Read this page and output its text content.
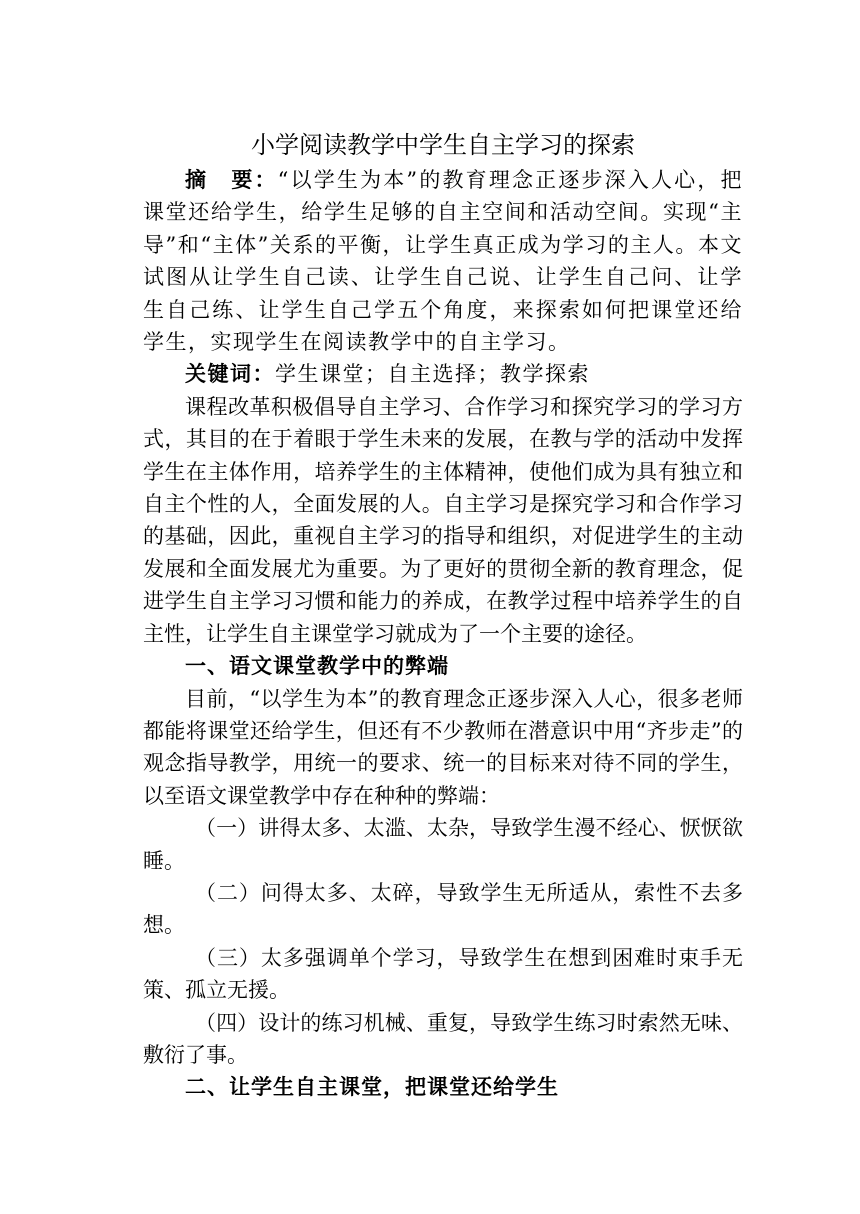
小学阅读教学中学生自主学习的探索

摘　要：“以学生为本”的教育理念正逐步深入人心，把课堂还给学生，给学生足够的自主空间和活动空间。实现“主导”和“主体”关系的平衡，让学生真正成为学习的主人。本文试图从让学生自己读、让学生自己说、让学生自己问、让学生自己练、让学生自己学五个角度，来探索如何把课堂还给学生，实现学生在阅读教学中的自主学习。

关键词：学生课堂；自主选择；教学探索

课程改革积极倡导自主学习、合作学习和探究学习的学习方式，其目的在于着眼于学生未来的发展，在教与学的活动中发挥学生在主体作用，培养学生的主体精神，使他们成为具有独立和自主个性的人，全面发展的人。自主学习是探究学习和合作学习的基础，因此，重视自主学习的指导和组织，对促进学生的主动发展和全面发展尤为重要。为了更好的贯彻全新的教育理念，促进学生自主学习习惯和能力的养成，在教学过程中培养学生的自主性，让学生自主课堂学习就成为了一个主要的途径。

一、语文课堂教学中的弊端

目前，“以学生为本”的教育理念正逐步深入人心，很多老师都能将课堂还给学生，但还有不少教师在潜意识中用“齐步走”的观念指导教学，用统一的要求、统一的目标来对待不同的学生，以至语文课堂教学中存在种种的弊端：

（一）讲得太多、太滥、太杂，导致学生漫不经心、恹恹欲睡。

（二）问得太多、太碎，导致学生无所适从，索性不去多想。

（三）太多强调单个学习，导致学生在想到困难时束手无策、孤立无援。

（四）设计的练习机械、重复，导致学生练习时索然无味、敷衍了事。

二、让学生自主课堂，把课堂还给学生
